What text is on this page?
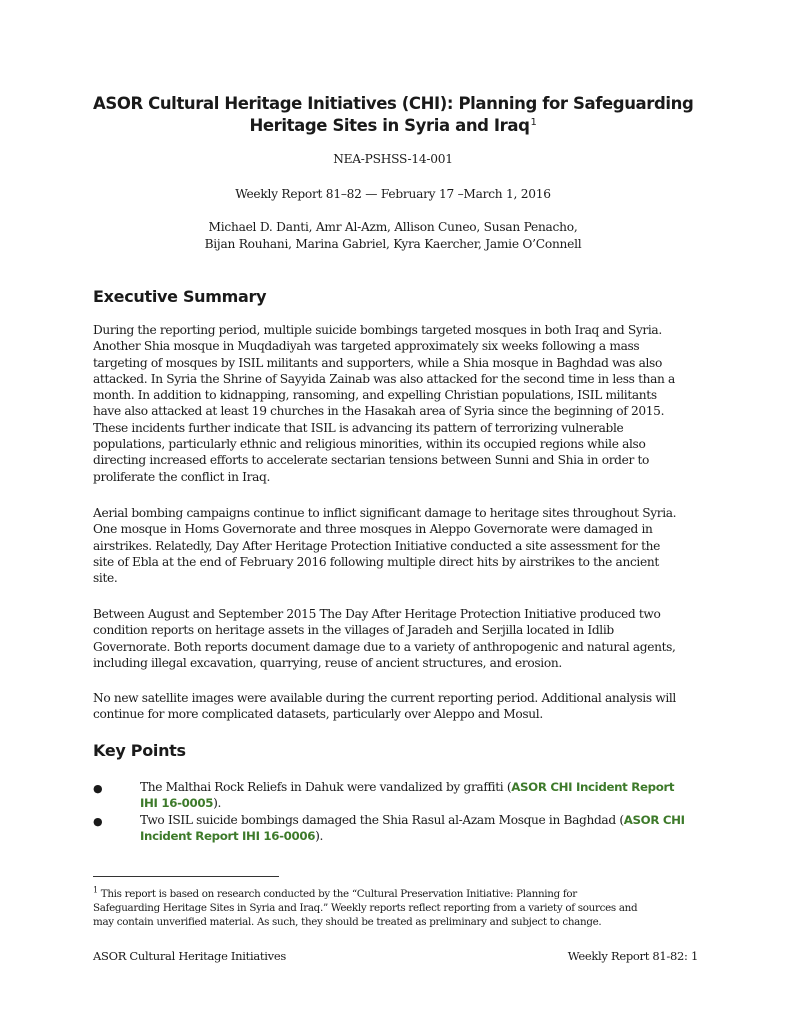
ASOR Cultural Heritage Initiatives (CHI): Planning for Safeguarding
Heritage Sites in Syria and Iraq$^1$
NEA-PSHSS-14-001
Weekly Report 81–82 — February 17 –March 1, 2016
Michael D. Danti, Amr Al-Azm, Allison Cuneo, Susan Penacho,
Bijan Rouhani, Marina Gabriel, Kyra Kaercher, Jamie O’Connell
Executive Summary
During the reporting period, multiple suicide bombings targeted mosques in both Iraq and Syria.
Another Shia mosque in Muqdadiyah was targeted approximately six weeks following a mass
targeting of mosques by ISIL militants and supporters, while a Shia mosque in Baghdad was also
attacked. In Syria the Shrine of Sayyida Zainab was also attacked for the second time in less than a
month. In addition to kidnapping, ransoming, and expelling Christian populations, ISIL militants
have also attacked at least 19 churches in the Hasakah area of Syria since the beginning of 2015.
These incidents further indicate that ISIL is advancing its pattern of terrorizing vulnerable
populations, particularly ethnic and religious minorities, within its occupied regions while also
directing increased efforts to accelerate sectarian tensions between Sunni and Shia in order to
proliferate the conflict in Iraq.
Aerial bombing campaigns continue to inflict significant damage to heritage sites throughout Syria.
One mosque in Homs Governorate and three mosques in Aleppo Governorate were damaged in
airstrikes. Relatedly, Day After Heritage Protection Initiative conducted a site assessment for the
site of Ebla at the end of February 2016 following multiple direct hits by airstrikes to the ancient
site.
Between August and September 2015 The Day After Heritage Protection Initiative produced two
condition reports on heritage assets in the villages of Jaradeh and Serjilla located in Idlib
Governorate. Both reports document damage due to a variety of anthropogenic and natural agents,
including illegal excavation, quarrying, reuse of ancient structures, and erosion.
No new satellite images were available during the current reporting period. Additional analysis will
continue for more complicated datasets, particularly over Aleppo and Mosul.
Key Points
●	The Malthai Rock Reliefs in Dahuk were vandalized by graffiti (ASOR CHI Incident Report
IHI 16-0005).
●	Two ISIL suicide bombings damaged the Shia Rasul al-Azam Mosque in Baghdad (ASOR CHI
Incident Report IHI 16-0006).
$^1$ This report is based on research conducted by the “Cultural Preservation Initiative: Planning for
Safeguarding Heritage Sites in Syria and Iraq.” Weekly reports reflect reporting from a variety of sources and
may contain unverified material. As such, they should be treated as preliminary and subject to change.
ASOR Cultural Heritage Initiatives	Weekly Report 81-82: 1
